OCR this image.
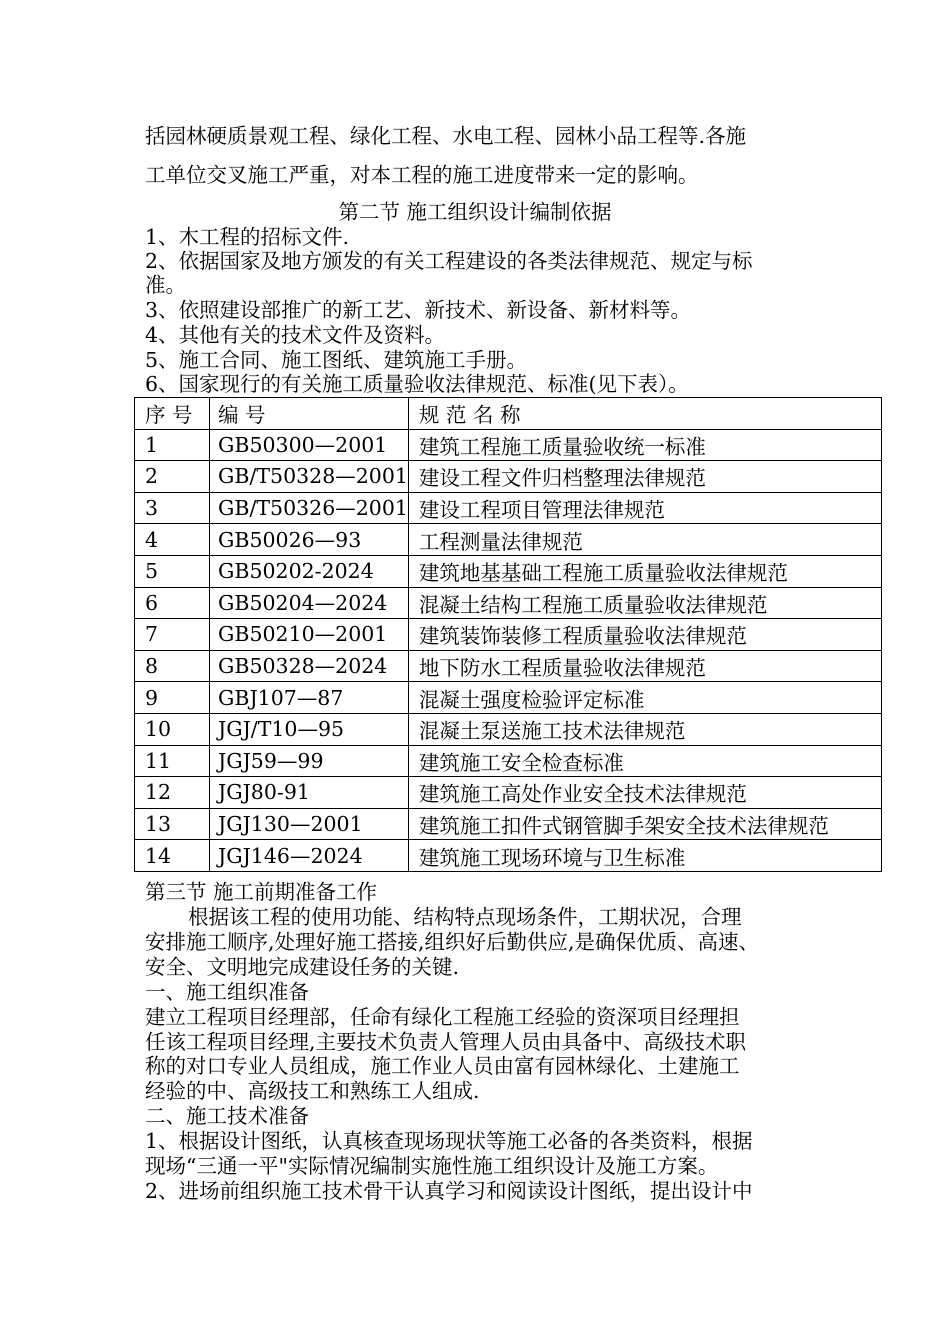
括园林硬质景观工程、绿化工程、水电工程、园林小品工程等.各施
工单位交叉施工严重，对本工程的施工进度带来一定的影响。
第二节 施工组织设计编制依据
1、木工程的招标文件.
2、依据国家及地方颁发的有关工程建设的各类法律规范、规定与标
准。
3、依照建设部推广的新工艺、新技术、新设备、新材料等。
4、其他有关的技术文件及资料。
5、施工合同、施工图纸、建筑施工手册。
6、国家现行的有关施工质量验收法律规范、标准(见下表）。
序 号	编 号	规 范 名 称
1	GB50300—2001	建筑工程施工质量验收统一标准
2	GB/T50328—2001	建设工程文件归档整理法律规范
3	GB/T50326—2001	建设工程项目管理法律规范
4	GB50026—93	工程测量法律规范
5	GB50202-2024	建筑地基基础工程施工质量验收法律规范
6	GB50204—2024	混凝土结构工程施工质量验收法律规范
7	GB50210—2001	建筑装饰装修工程质量验收法律规范
8	GB50328—2024	地下防水工程质量验收法律规范
9	GBJ107—87	混凝土强度检验评定标准
10	JGJ/T10—95	混凝土泵送施工技术法律规范
11	JGJ59—99	建筑施工安全检查标准
12	JGJ80-91	建筑施工高处作业安全技术法律规范
13	JGJ130—2001	建筑施工扣件式钢管脚手架安全技术法律规范
14	JGJ146—2024	建筑施工现场环境与卫生标准
第三节 施工前期准备工作
根据该工程的使用功能、结构特点现场条件，工期状况，合理
安排施工顺序,处理好施工搭接,组织好后勤供应,是确保优质、高速、
安全、文明地完成建设任务的关键.
一、施工组织准备
建立工程项目经理部，任命有绿化工程施工经验的资深项目经理担
任该工程项目经理,主要技术负责人管理人员由具备中、高级技术职
称的对口专业人员组成，施工作业人员由富有园林绿化、土建施工
经验的中、高级技工和熟练工人组成.
二、施工技术准备
1、根据设计图纸，认真核查现场现状等施工必备的各类资料，根据
现场“三通一平"实际情况编制实施性施工组织设计及施工方案。
2、进场前组织施工技术骨干认真学习和阅读设计图纸，提出设计中
